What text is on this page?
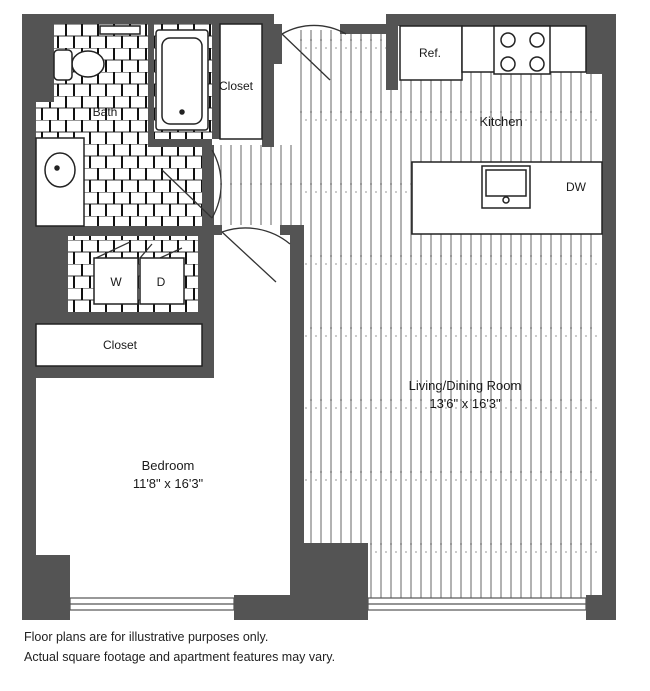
Bath
Closet
Ref.
Kitchen
DW
W	D
Closet
Living/Dining Room
13'6" x 16'3"
Bedroom
11'8" x 16'3"

Floor plans are for illustrative purposes only.

Actual square footage and apartment features may vary.
